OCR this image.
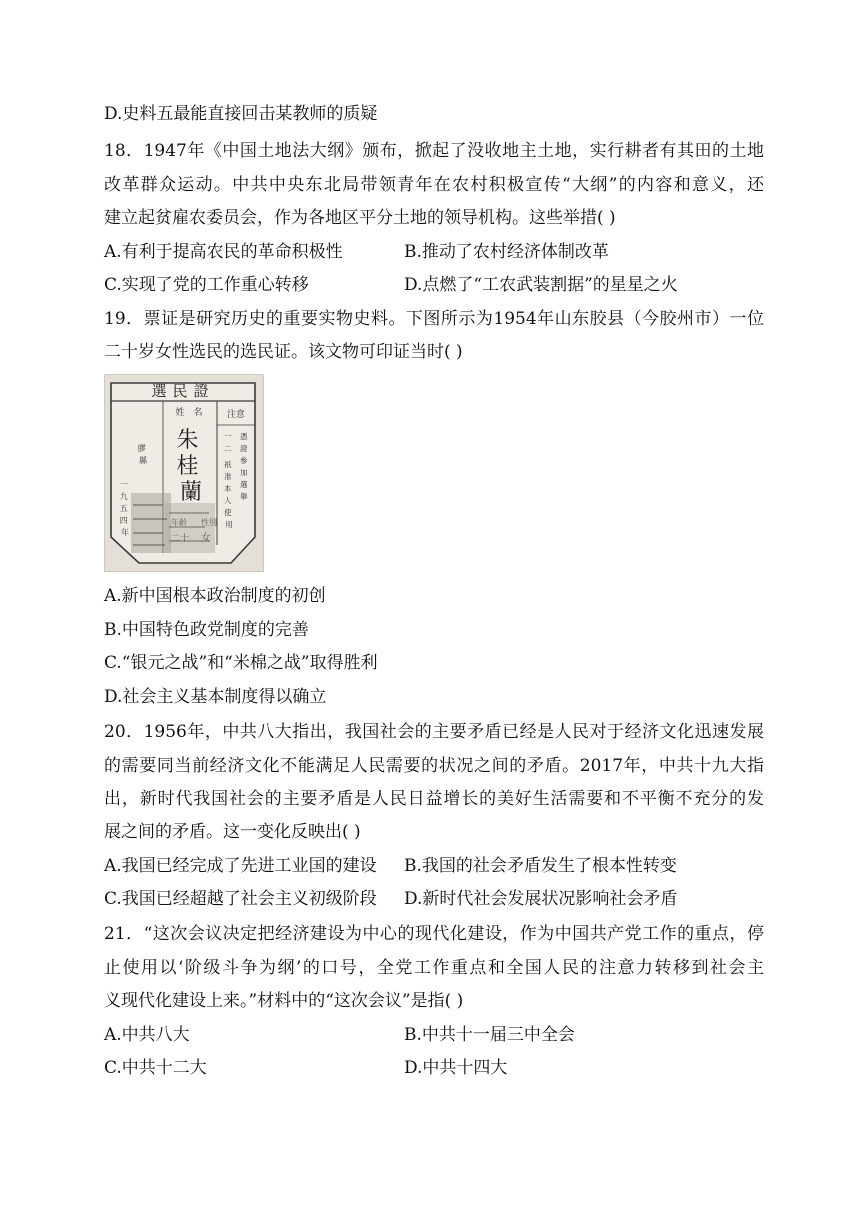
D.史料五最能直接回击某教师的质疑
18．1947年《中国土地法大纲》颁布，掀起了没收地主土地，实行耕者有其田的土地
改革群众运动。中共中央东北局带领青年在农村积极宣传“大纲”的内容和意义，还
建立起贫雇农委员会，作为各地区平分土地的领导机构。这些举措( )
A.有利于提高农民的革命积极性	B.推动了农村经济体制改革
C.实现了党的工作重心转移	D.点燃了“工农武装割据”的星星之火
19．票证是研究历史的重要实物史料。下图所示为1954年山东胶县（今胶州市）一位
二十岁女性选民的选民证。该文物可印证当时( )
選民證
姓　名	注意
朱 桂 蘭
性別
女
年齡
二十
一 二 憑 證 參 加 選 舉 祇 准 本 人 使 用
一 九 五 四 年
膠 縣
A.新中国根本政治制度的初创
B.中国特色政党制度的完善
C.“银元之战”和“米棉之战”取得胜利
D.社会主义基本制度得以确立
20．1956年，中共八大指出，我国社会的主要矛盾已经是人民对于经济文化迅速发展
的需要同当前经济文化不能满足人民需要的状况之间的矛盾。2017年，中共十九大指
出，新时代我国社会的主要矛盾是人民日益增长的美好生活需要和不平衡不充分的发
展之间的矛盾。这一变化反映出( )
A.我国已经完成了先进工业国的建设	B.我国的社会矛盾发生了根本性转变
C.我国已经超越了社会主义初级阶段	D.新时代社会发展状况影响社会矛盾
21．“这次会议决定把经济建设为中心的现代化建设，作为中国共产党工作的重点，停
止使用以‘阶级斗争为纲’的口号，全党工作重点和全国人民的注意力转移到社会主
义现代化建设上来。”材料中的“这次会议”是指( )
A.中共八大	B.中共十一届三中全会
C.中共十二大	D.中共十四大
